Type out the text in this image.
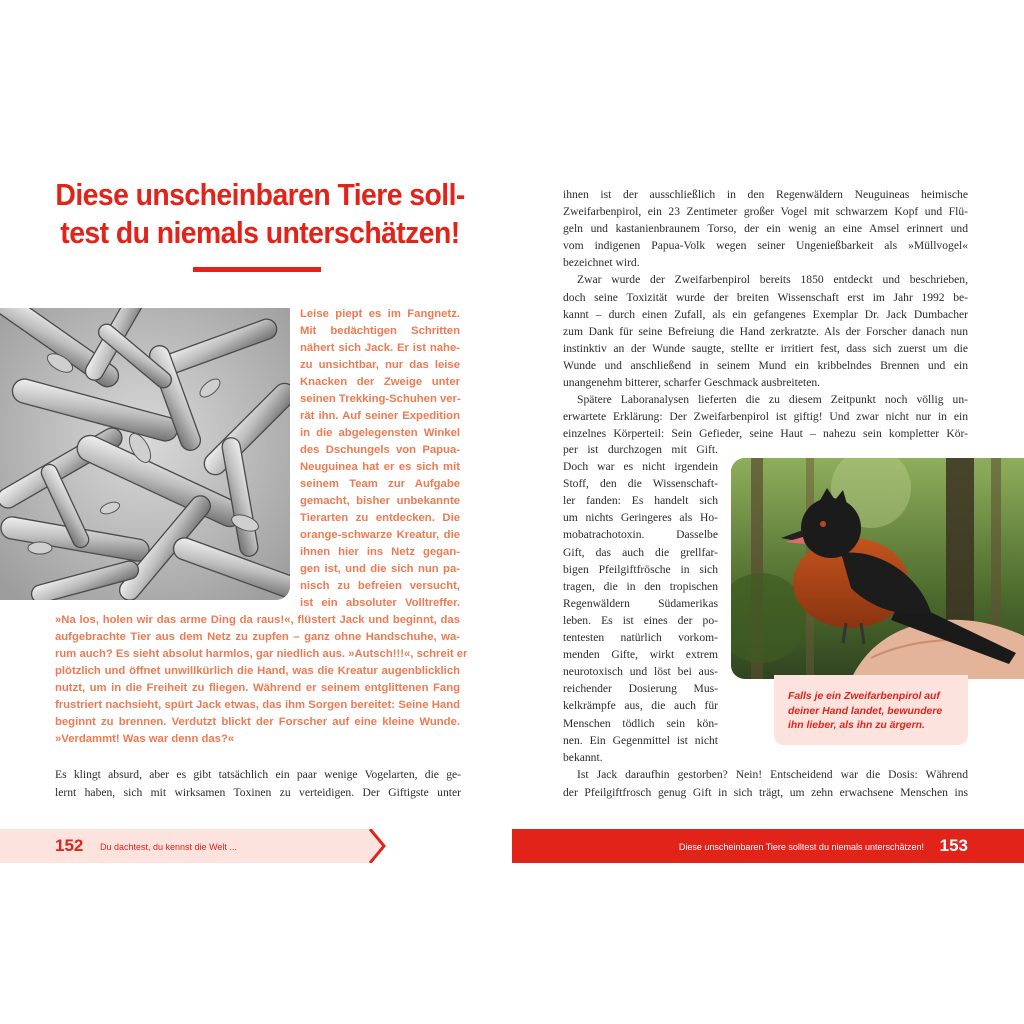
Diese unscheinbaren Tiere soll-
test du niemals unterschätzen!
Leise piept es im Fangnetz.
Mit bedächtigen Schritten
nähert sich Jack. Er ist nahe-
zu unsichtbar, nur das leise
Knacken der Zweige unter
seinen Trekking-Schuhen ver-
rät ihn. Auf seiner Expedition
in die abgelegensten Winkel
des Dschungels von Papua-
Neuguinea hat er es sich mit
seinem Team zur Aufgabe
gemacht, bisher unbekannte
Tierarten zu entdecken. Die
orange-schwarze Kreatur, die
ihnen hier ins Netz gegan-
gen ist, und die sich nun pa-
nisch zu befreien versucht,
ist ein absoluter Volltreffer.
»Na los, holen wir das arme Ding da raus!«, flüstert Jack und beginnt, das
aufgebrachte Tier aus dem Netz zu zupfen – ganz ohne Handschuhe, wa-
rum auch? Es sieht absolut harmlos, gar niedlich aus. »Autsch!!!«, schreit er
plötzlich und öffnet unwillkürlich die Hand, was die Kreatur augenblicklich
nutzt, um in die Freiheit zu fliegen. Während er seinem entglittenen Fang
frustriert nachsieht, spürt Jack etwas, das ihm Sorgen bereitet: Seine Hand
beginnt zu brennen. Verdutzt blickt der Forscher auf eine kleine Wunde.
»Verdammt! Was war denn das?«
Es klingt absurd, aber es gibt tatsächlich ein paar wenige Vogelarten, die ge-
lernt haben, sich mit wirksamen Toxinen zu verteidigen. Der Giftigste unter
152 Du dachtest, du kennst die Welt ...
ihnen ist der ausschließlich in den Regenwäldern Neuguineas heimische
Zweifarbenpirol, ein 23 Zentimeter großer Vogel mit schwarzem Kopf und Flü-
geln und kastanienbraunem Torso, der ein wenig an eine Amsel erinnert und
vom indigenen Papua-Volk wegen seiner Ungenießbarkeit als »Müllvogel«
bezeichnet wird.
Zwar wurde der Zweifarbenpirol bereits 1850 entdeckt und beschrieben,
doch seine Toxizität wurde der breiten Wissenschaft erst im Jahr 1992 be-
kannt – durch einen Zufall, als ein gefangenes Exemplar Dr. Jack Dumbacher
zum Dank für seine Befreiung die Hand zerkratzte. Als der Forscher danach nun
instinktiv an der Wunde saugte, stellte er irritiert fest, dass sich zuerst um die
Wunde und anschließend in seinem Mund ein kribbelndes Brennen und ein
unangenehm bitterer, scharfer Geschmack ausbreiteten.
Spätere Laboranalysen lieferten die zu diesem Zeitpunkt noch völlig un-
erwartete Erklärung: Der Zweifarbenpirol ist giftig! Und zwar nicht nur in ein
einzelnes Körperteil: Sein Gefieder, seine Haut – nahezu sein kompletter Kör-
per ist durchzogen mit Gift.
Doch war es nicht irgendein
Stoff, den die Wissenschaft-
ler fanden: Es handelt sich
um nichts Geringeres als Ho-
mobatrachotoxin. Dasselbe
Gift, das auch die grellfar-
bigen Pfeilgiftfrösche in sich
tragen, die in den tropischen
Regenwäldern Südamerikas
leben. Es ist eines der po-
tentesten natürlich vorkom-
menden Gifte, wirkt extrem
neurotoxisch und löst bei aus-
reichender Dosierung Mus-
kelkrämpfe aus, die auch für
Menschen tödlich sein kön-
nen. Ein Gegenmittel ist nicht
bekannt.
Falls je ein Zweifarbenpirol auf
deiner Hand landet, bewundere
ihn lieber, als ihn zu ärgern.
Ist Jack daraufhin gestorben? Nein! Entscheidend war die Dosis: Während
der Pfeilgiftfrosch genug Gift in sich trägt, um zehn erwachsene Menschen ins
Diese unscheinbaren Tiere solltest du niemals unterschätzen! 153
